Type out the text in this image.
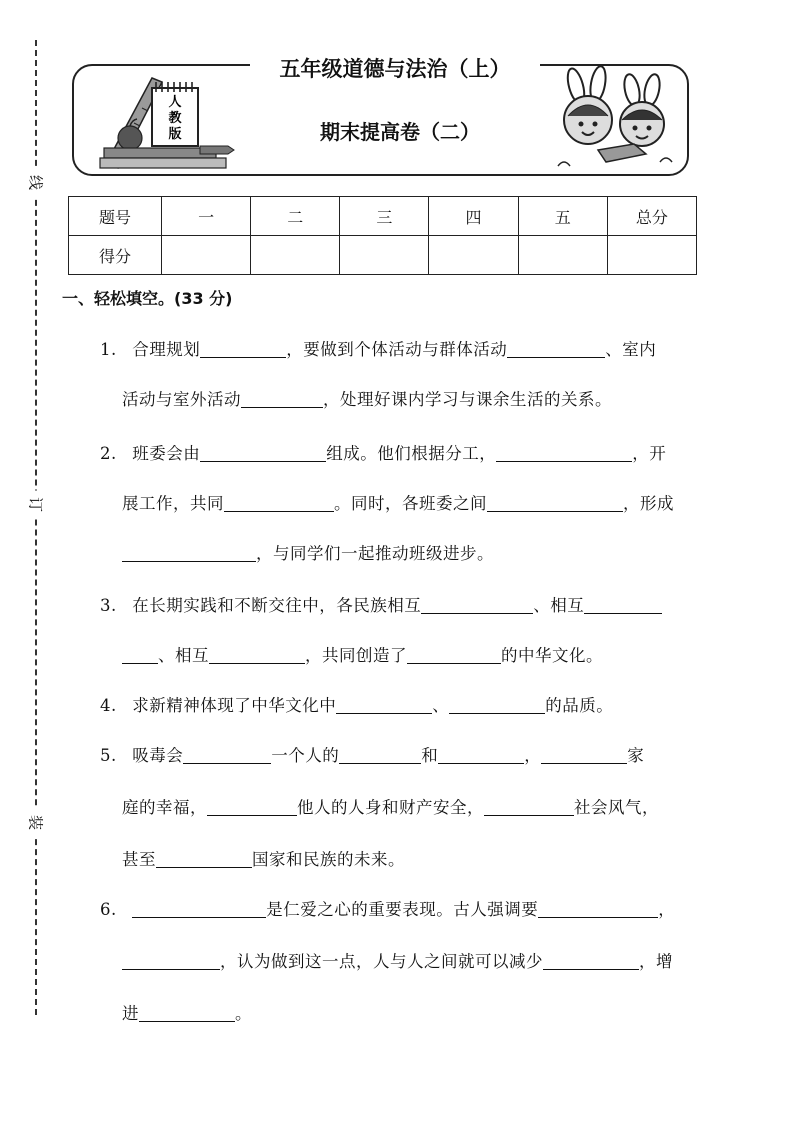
线
订
装
人
教
版
五年级道德与法治（上）
期末提高卷（二）
题号	一	二	三	四	五	总分
得分						
一、轻松填空。(33 分)
1. 合理规划	，要做到个体活动与群体活动	、室内
活动与室外活动	，处理好课内学习与课余生活的关系。
2. 班委会由	组成。他们根据分工，	，开
展工作，共同	。同时，各班委之间	，形成
，与同学们一起推动班级进步。
3. 在长期实践和不断交往中，各民族相互	、相互
、相互	，共同创造了	的中华文化。
4. 求新精神体现了中华文化中	、	的品质。
5. 吸毒会	一个人的	和	，	家
庭的幸福，	他人的人身和财产安全，	社会风气，
甚至	国家和民族的未来。
6.	是仁爱之心的重要表现。古人强调要	，
，认为做到这一点，人与人之间就可以减少	，增
进	。
